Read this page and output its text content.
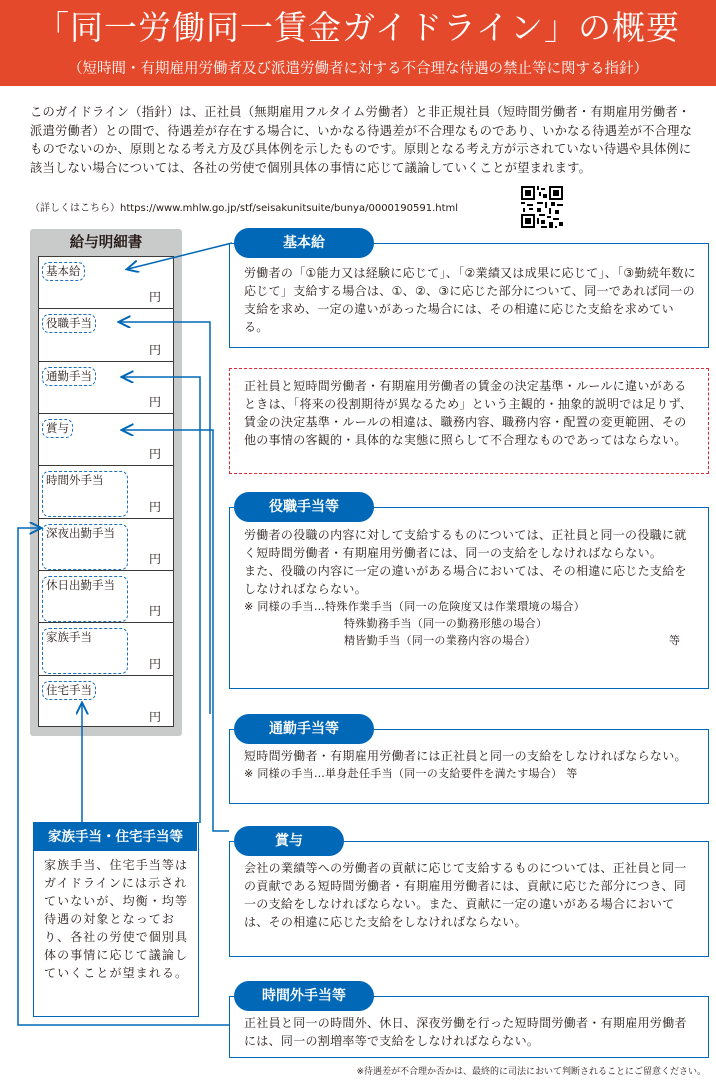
「同一労働同一賃金ガイドライン」の概要
（短時間・有期雇用労働者及び派遣労働者に対する不合理な待遇の禁止等に関する指針）

このガイドライン（指針）は、正社員（無期雇用フルタイム労働者）と非正規社員（短時間労働者・有期雇用労働者・派遣労働者）との間で、待遇差が存在する場合に、いかなる待遇差が不合理なものであり、いかなる待遇差が不合理なものでないのか、原則となる考え方及び具体例を示したものです。原則となる考え方が示されていない待遇や具体例に該当しない場合については、各社の労使で個別具体の事情に応じて議論していくことが望まれます。

（詳しくはこちら）https://www.mhlw.go.jp/stf/seisakunitsuite/bunya/0000190591.html
給与明細書
基本給
円
役職手当
円
通勤手当
円
賞与
円
時間外手当
円
深夜出勤手当
円
休日出勤手当
円
家族手当
円
住宅手当
円
基本給

労働者の「①能力又は経験に応じて」、「②業績又は成果に応じて」、「③勤続年数に応じて」支給する場合は、①、②、③に応じた部分について、同一であれば同一の支給を求め、一定の違いがあった場合には、その相違に応じた支給を求めている。

正社員と短時間労働者・有期雇用労働者の賃金の決定基準・ルールに違いがあるときは、「将来の役割期待が異なるため」という主観的・抽象的説明では足りず、賃金の決定基準・ルールの相違は、職務内容、職務内容・配置の変更範囲、その他の事情の客観的・具体的な実態に照らして不合理なものであってはならない。

役職手当等

労働者の役職の内容に対して支給するものについては、正社員と同一の役職に就く短時間労働者・有期雇用労働者には、同一の支給をしなければならない。

また、役職の内容に一定の違いがある場合においては、その相違に応じた支給をしなければならない。

※ 同様の手当…特殊作業手当（同一の危険度又は作業環境の場合）

特殊勤務手当（同一の勤務形態の場合）

精皆勤手当（同一の業務内容の場合）	等

通勤手当等

短時間労働者・有期雇用労働者には正社員と同一の支給をしなければならない。

※ 同様の手当…単身赴任手当（同一の支給要件を満たす場合） 等

賞与

会社の業績等への労働者の貢献に応じて支給するものについては、正社員と同一の貢献である短時間労働者・有期雇用労働者には、貢献に応じた部分につき、同一の支給をしなければならない。また、貢献に一定の違いがある場合においては、その相違に応じた支給をしなければならない。

時間外手当等

正社員と同一の時間外、休日、深夜労働を行った短時間労働者・有期雇用労働者には、同一の割増率等で支給をしなければならない。

家族手当・住宅手当等

家族手当、住宅手当等はガイドラインには示されていないが、均衡・均等待遇の対象となっており、各社の労使で個別具体の事情に応じて議論していくことが望まれる。

※待遇差が不合理か否かは、最終的に司法において判断されることにご留意ください。
